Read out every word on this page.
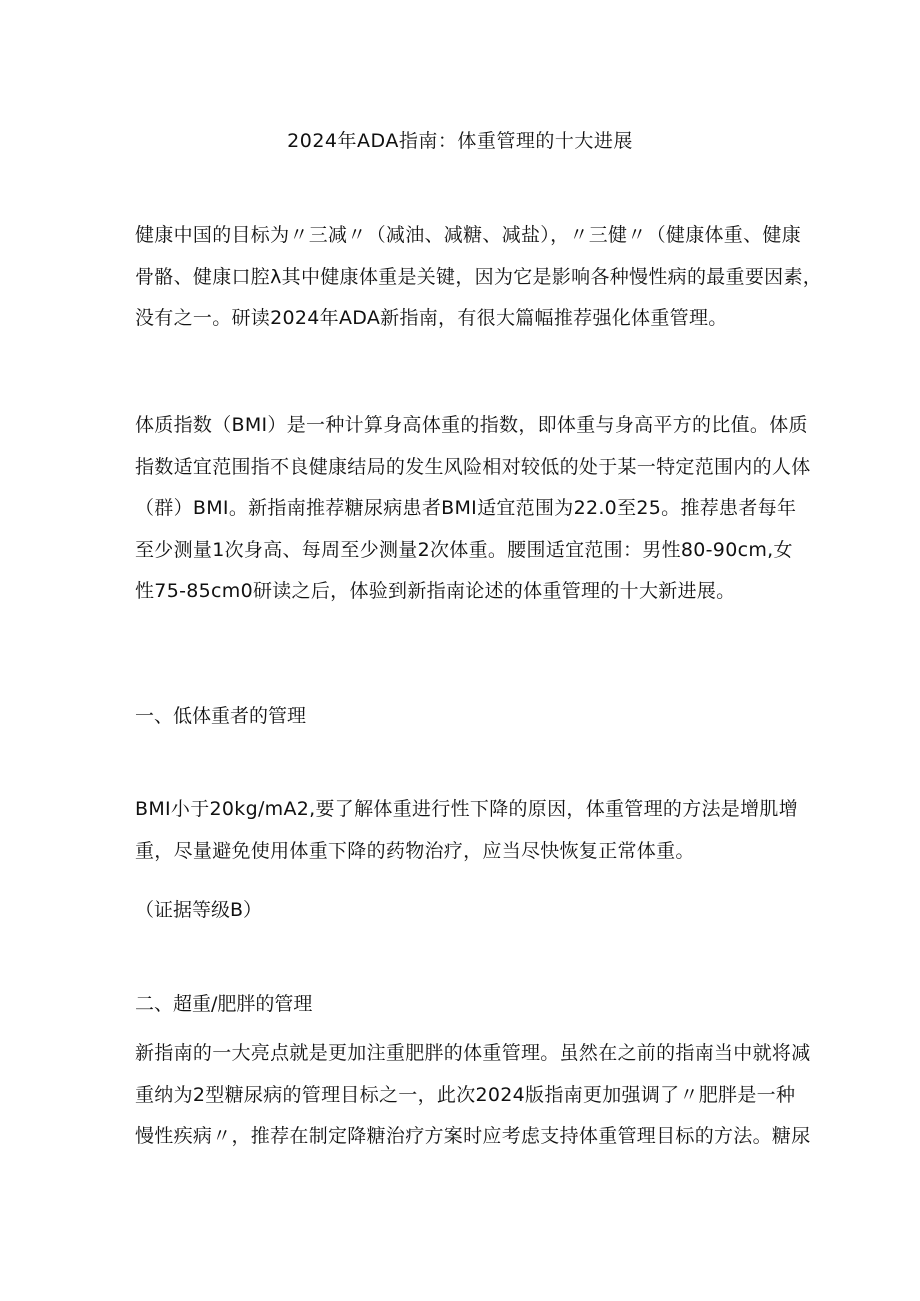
2024年ADA指南：体重管理的十大进展
健康中国的目标为〃三减〃（减油、减糖、减盐），〃三健〃（健康体重、健康
骨骼、健康口腔λ其中健康体重是关键，因为它是影响各种慢性病的最重要因素，
没有之一。研读2024年ADA新指南，有很大篇幅推荐强化体重管理。
体质指数（BMI）是一种计算身高体重的指数，即体重与身高平方的比值。体质
指数适宜范围指不良健康结局的发生风险相对较低的处于某一特定范围内的人体
（群）BMI。新指南推荐糖尿病患者BMI适宜范围为22.0至25。推荐患者每年
至少测量1次身高、每周至少测量2次体重。腰围适宜范围：男性80-90cm,女
性75-85cm0研读之后，体验到新指南论述的体重管理的十大新进展。
一、低体重者的管理
BMI小于20kg∕mA2,要了解体重进行性下降的原因，体重管理的方法是增肌增
重，尽量避免使用体重下降的药物治疗，应当尽快恢复正常体重。
（证据等级B）
二、超重/肥胖的管理
新指南的一大亮点就是更加注重肥胖的体重管理。虽然在之前的指南当中就将减
重纳为2型糖尿病的管理目标之一，此次2024版指南更加强调了〃肥胖是一种
慢性疾病〃，推荐在制定降糖治疗方案时应考虑支持体重管理目标的方法。糖尿
